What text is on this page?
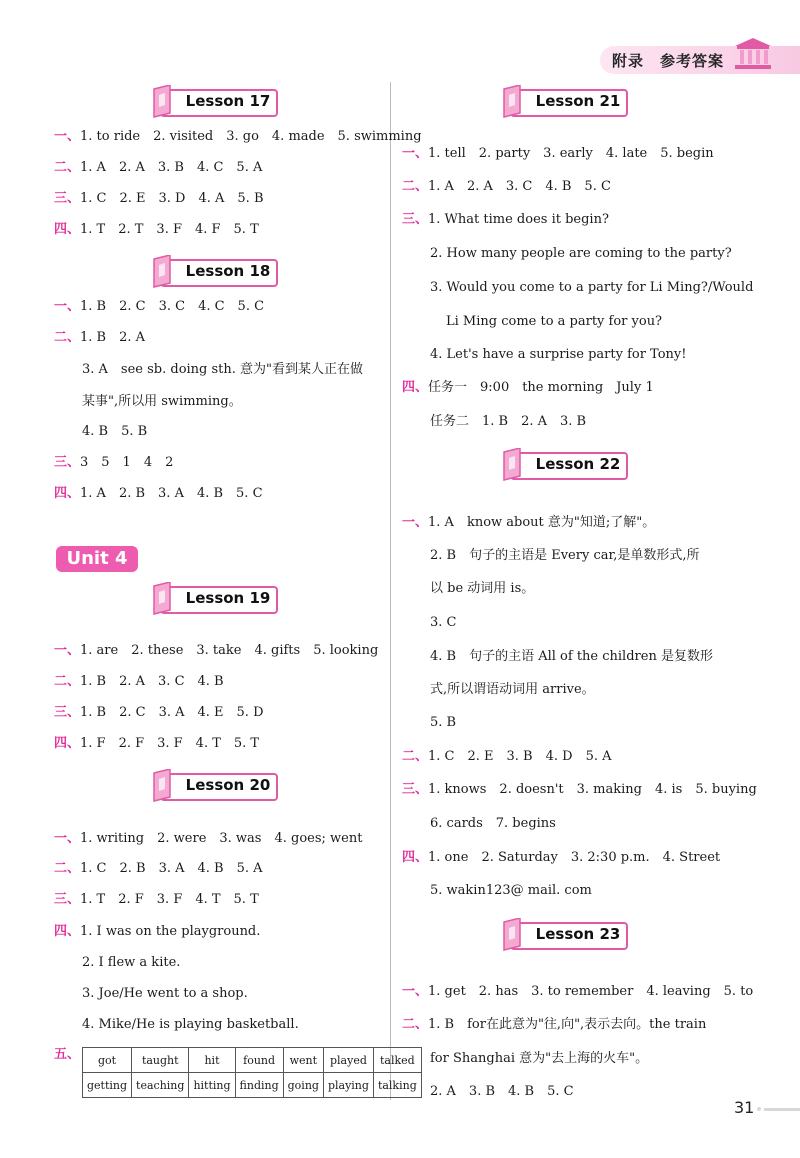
附录　参考答案
Lesson 17
一、1. to ride　2. visited　3. go　4. made　5. swimming
二、1. A　2. A　3. B　4. C　5. A
三、1. C　2. E　3. D　4. A　5. B
四、1. T　2. T　3. F　4. F　5. T
Lesson 18
一、1. B　2. C　3. C　4. C　5. C
二、1. B　2. A
3. A　see sb. doing sth. 意为"看到某人正在做
某事",所以用 swimming。
4. B　5. B
三、3　5　1　4　2
四、1. A　2. B　3. A　4. B　5. C
Unit 4
Lesson 19
一、1. are　2. these　3. take　4. gifts　5. looking
二、1. B　2. A　3. C　4. B
三、1. B　2. C　3. A　4. E　5. D
四、1. F　2. F　3. F　4. T　5. T
Lesson 20
一、1. writing　2. were　3. was　4. goes; went
二、1. C　2. B　3. A　4. B　5. A
三、1. T　2. F　3. F　4. T　5. T
四、1. I was on the playground.
2. I flew a kite.
3. Joe/He went to a shop.
4. Mike/He is playing basketball.
五、 got	taught	hit	found	went	played	talked
getting	teaching	hitting	finding	going	playing	talking
Lesson 21
一、1. tell　2. party　3. early　4. late　5. begin
二、1. A　2. A　3. C　4. B　5. C
三、1. What time does it begin?
2. How many people are coming to the party?
3. Would you come to a party for Li Ming?/Would
Li Ming come to a party for you?
4. Let's have a surprise party for Tony!
四、任务一　9:00　the morning　July 1
任务二　1. B　2. A　3. B
Lesson 22
一、1. A　know about 意为"知道;了解"。
2. B　句子的主语是 Every car,是单数形式,所
以 be 动词用 is。
3. C
4. B　句子的主语 All of the children 是复数形
式,所以谓语动词用 arrive。
5. B
二、1. C　2. E　3. B　4. D　5. A
三、1. knows　2. doesn't　3. making　4. is　5. buying
6. cards　7. begins
四、1. one　2. Saturday　3. 2:30 p.m.　4. Street
5. wakin123@ mail. com
Lesson 23
一、1. get　2. has　3. to remember　4. leaving　5. to
二、1. B　for在此意为"往,向",表示去向。the train
for Shanghai 意为"去上海的火车"。
2. A　3. B　4. B　5. C
31
